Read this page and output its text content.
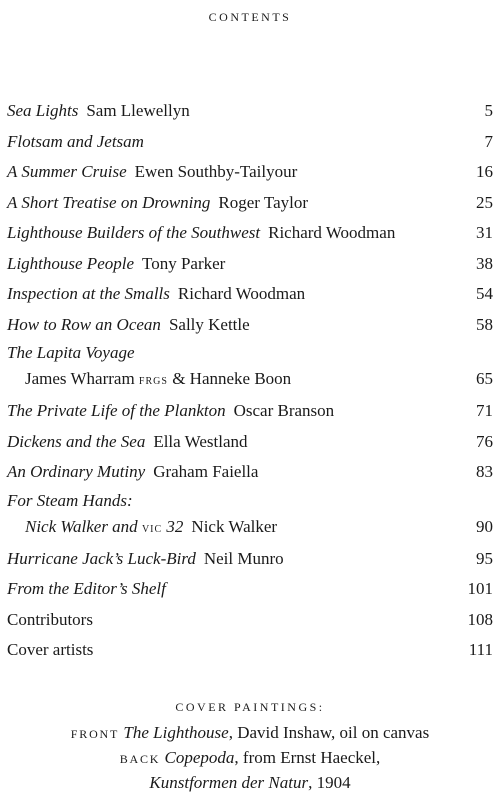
CONTENTS
Sea Lights Sam Llewellyn	5
Flotsam and Jetsam	7
A Summer Cruise Ewen Southby-Tailyour	16
A Short Treatise on Drowning Roger Taylor	25
Lighthouse Builders of the Southwest Richard Woodman	31
Lighthouse People Tony Parker	38
Inspection at the Smalls Richard Woodman	54
How to Row an Ocean Sally Kettle	58
The Lapita Voyage
James Wharram frgs & Hanneke Boon	65
The Private Life of the Plankton Oscar Branson	71
Dickens and the Sea Ella Westland	76
An Ordinary Mutiny Graham Faiella	83
For Steam Hands:
Nick Walker and vic 32 Nick Walker	90
Hurricane Jack’s Luck-Bird Neil Munro	95
From the Editor’s Shelf	101
Contributors	108
Cover artists	111
COVER PAINTINGS:
FRONT The Lighthouse, David Inshaw, oil on canvas
BACK Copepoda, from Ernst Haeckel,
Kunstformen der Natur, 1904
